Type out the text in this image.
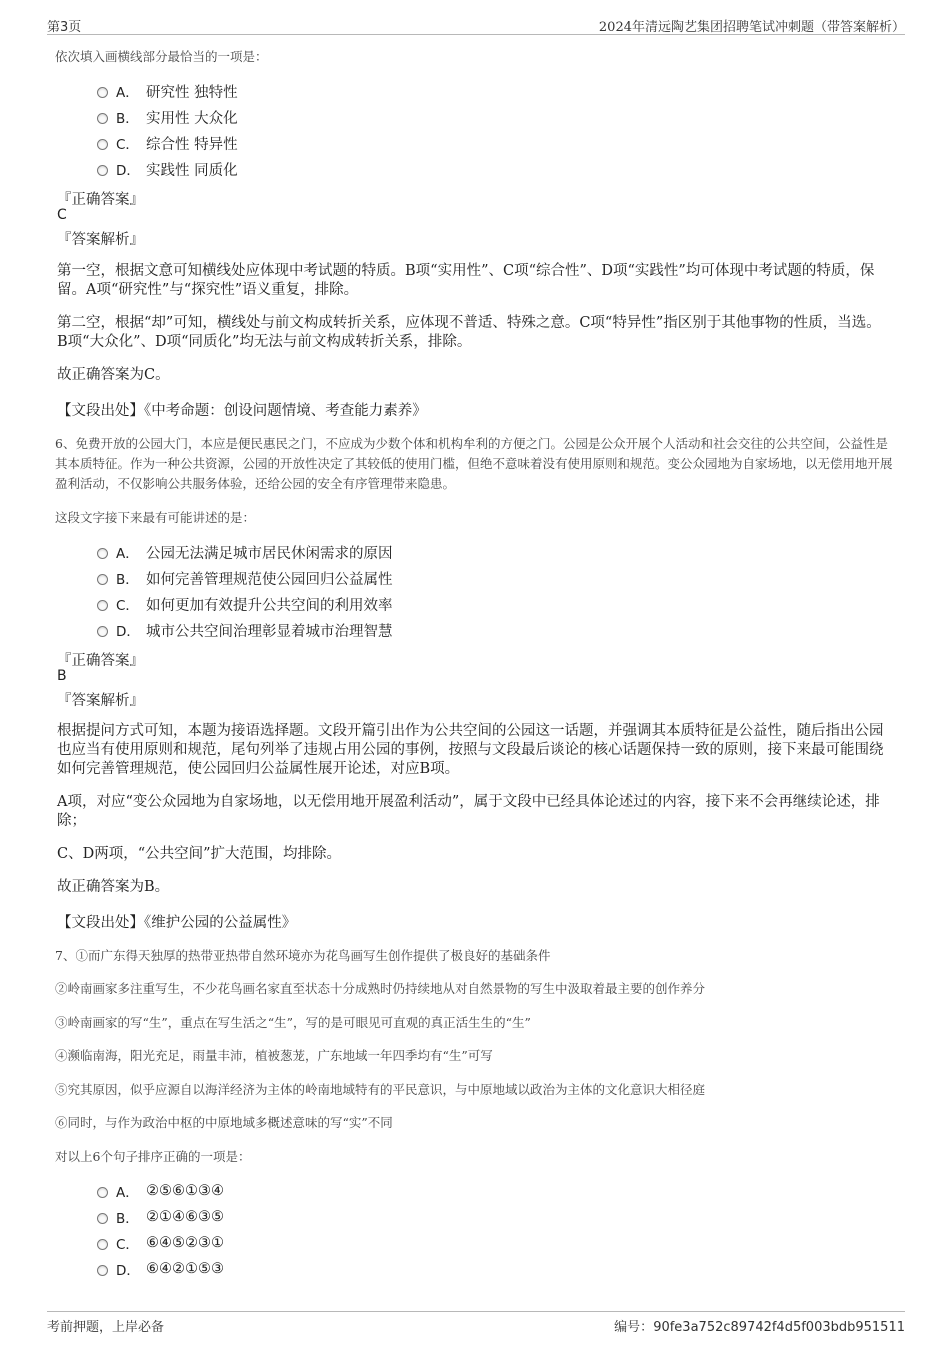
第3页	2024年清远陶艺集团招聘笔试冲刺题（带答案解析）
依次填入画横线部分最恰当的一项是：
A． 研究性 独特性
B． 实用性 大众化
C． 综合性 特异性
D． 实践性 同质化
『正确答案』
C
『答案解析』
第一空，根据文意可知横线处应体现中考试题的特质。B项“实用性”、C项“综合性”、D项“实践性”均可体现中考试题的特质，保留。A项“研究性”与“探究性”语义重复，排除。
第二空，根据“却”可知，横线处与前文构成转折关系，应体现不普适、特殊之意。C项“特异性”指区别于其他事物的性质，当选。B项“大众化”、D项“同质化”均无法与前文构成转折关系，排除。
故正确答案为C。
【文段出处】《中考命题：创设问题情境、考查能力素养》
6、免费开放的公园大门，本应是便民惠民之门，不应成为少数个体和机构牟利的方便之门。公园是公众开展个人活动和社会交往的公共空间，公益性是其本质特征。作为一种公共资源，公园的开放性决定了其较低的使用门槛，但绝不意味着没有使用原则和规范。变公众园地为自家场地，以无偿用地开展盈利活动，不仅影响公共服务体验，还给公园的安全有序管理带来隐患。
这段文字接下来最有可能讲述的是：
A． 公园无法满足城市居民休闲需求的原因
B． 如何完善管理规范使公园回归公益属性
C． 如何更加有效提升公共空间的利用效率
D． 城市公共空间治理彰显着城市治理智慧
『正确答案』
B
『答案解析』
根据提问方式可知，本题为接语选择题。文段开篇引出作为公共空间的公园这一话题，并强调其本质特征是公益性，随后指出公园也应当有使用原则和规范，尾句列举了违规占用公园的事例，按照与文段最后谈论的核心话题保持一致的原则，接下来最可能围绕如何完善管理规范，使公园回归公益属性展开论述，对应B项。
A项，对应“变公众园地为自家场地，以无偿用地开展盈利活动”，属于文段中已经具体论述过的内容，接下来不会再继续论述，排除；
C、D两项，“公共空间”扩大范围，均排除。
故正确答案为B。
【文段出处】《维护公园的公益属性》
7、①而广东得天独厚的热带亚热带自然环境亦为花鸟画写生创作提供了极良好的基础条件
②岭南画家多注重写生，不少花鸟画名家直至状态十分成熟时仍持续地从对自然景物的写生中汲取着最主要的创作养分
③岭南画家的写“生”，重点在写生活之“生”，写的是可眼见可直观的真正活生生的“生”
④濒临南海，阳光充足，雨量丰沛，植被葱茏，广东地域一年四季均有“生”可写
⑤究其原因，似乎应源自以海洋经济为主体的岭南地域特有的平民意识，与中原地域以政治为主体的文化意识大相径庭
⑥同时，与作为政治中枢的中原地域多概述意味的写“实”不同
对以上6个句子排序正确的一项是：
A． ②⑤⑥①③④
B． ②①④⑥③⑤
C． ⑥④⑤②③①
D． ⑥④②①⑤③
考前押题，上岸必备	编号：90fe3a752c89742f4d5f003bdb951511
